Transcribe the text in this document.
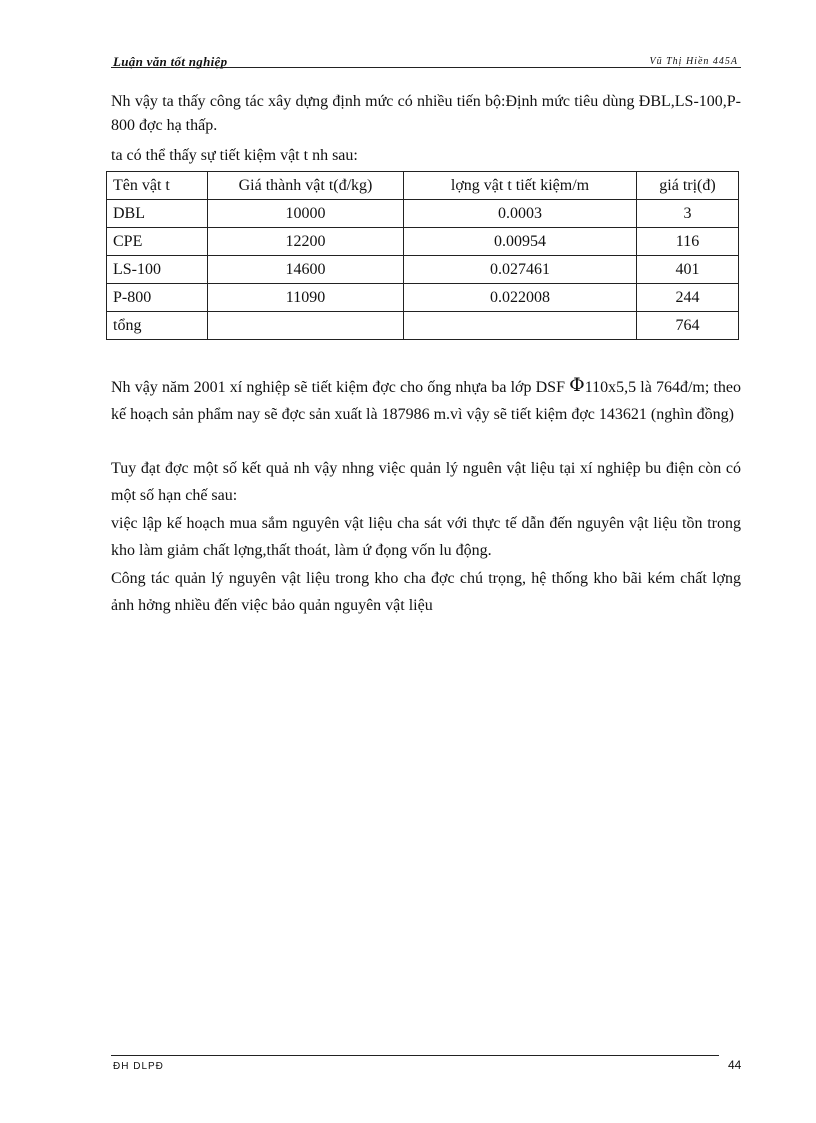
Luận văn tốt nghiệp	Vũ Thị Hiền 445A

Nh vậy ta thấy công tác xây dựng định mức có nhiều tiến bộ:Định mức tiêu dùng ĐBL,LS-100,P-800 đợc hạ thấp.

ta có thể thấy sự tiết kiệm vật t nh sau:

Tên vật t	Giá thành vật t(đ/kg)	lợng vật t tiết kiệm/m	giá trị(đ)
DBL	10000	0.0003	3
CPE	12200	0.00954	116
LS-100	14600	0.027461	401
P-800	11090	0.022008	244
tổng			764

Nh vậy năm 2001 xí nghiệp sẽ tiết kiệm đợc cho ống nhựa ba lớp DSF Φ110x5,5 là 764đ/m; theo kế hoạch sản phẩm nay sẽ đợc sản xuất là 187986 m.vì vậy sẽ tiết kiệm đợc 143621 (nghìn đồng)

Tuy đạt đợc một số kết quả nh vậy nhng việc quản lý nguên vật liệu tại xí nghiệp bu điện còn có một số hạn chế sau:

việc lập kế hoạch mua sắm nguyên vật liệu cha sát với thực tế dẫn đến nguyên vật liệu tồn trong kho làm giảm chất lợng,thất thoát, làm ứ đọng vốn lu động.

Công tác quản lý nguyên vật liệu trong kho cha đợc chú trọng, hệ thống kho bãi kém chất lợng ảnh hởng nhiều đến việc bảo quản nguyên vật liệu

ĐH DLPĐ	44
